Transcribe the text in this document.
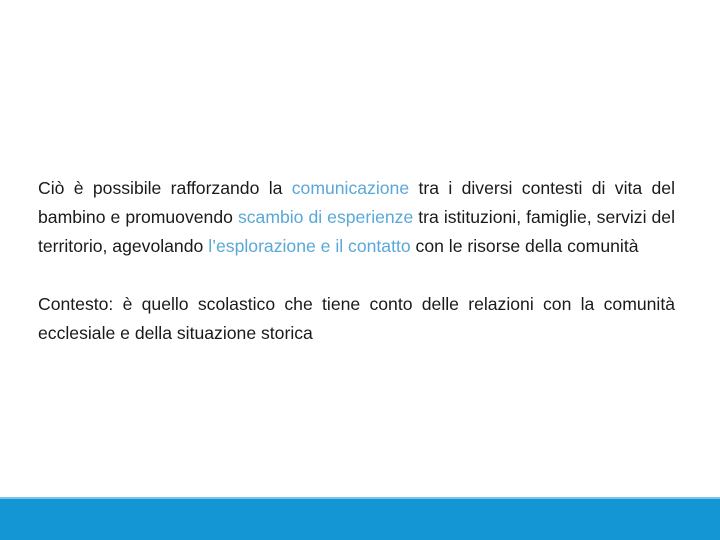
Ciò è possibile rafforzando la comunicazione tra i diversi contesti di vita del bambino e promuovendo scambio di esperienze tra istituzioni, famiglie, servizi del territorio, agevolando l’esplorazione e il contatto con le risorse della comunità

Contesto: è quello scolastico che tiene conto delle relazioni con la comunità ecclesiale e della situazione storica
